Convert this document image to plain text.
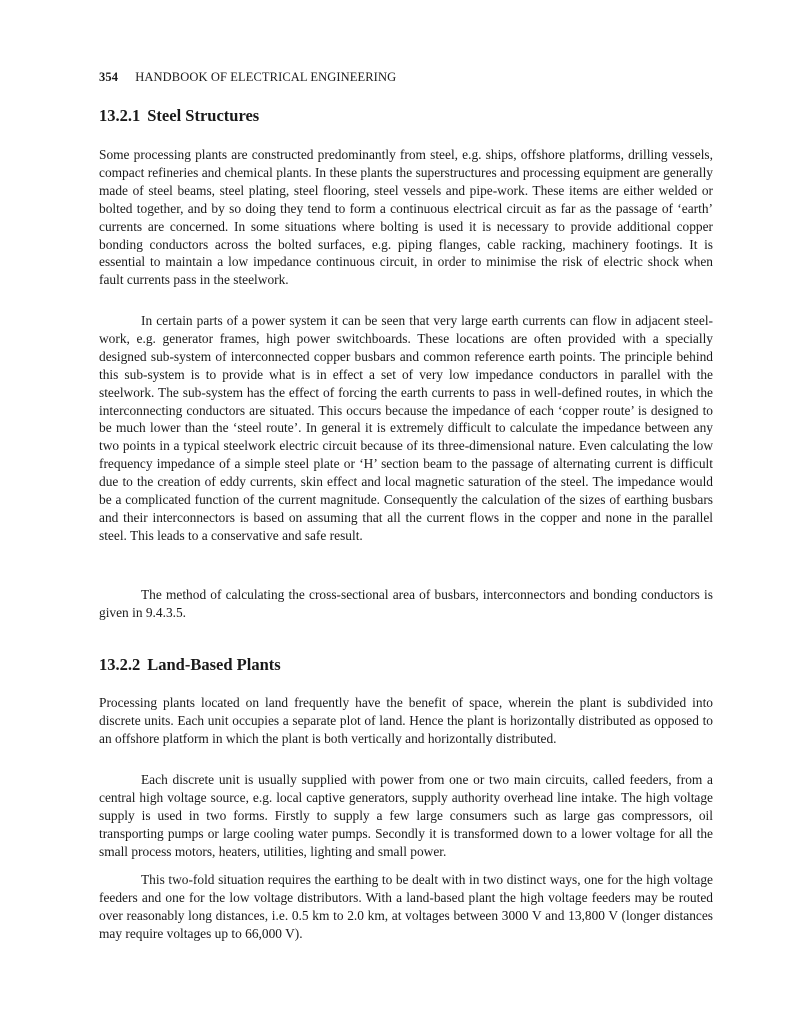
354 HANDBOOK OF ELECTRICAL ENGINEERING
13.2.1 Steel Structures

Some processing plants are constructed predominantly from steel, e.g. ships, offshore platforms, drilling vessels, compact refineries and chemical plants. In these plants the superstructures and processing equipment are generally made of steel beams, steel plating, steel flooring, steel vessels and pipe-work. These items are either welded or bolted together, and by so doing they tend to form a continuous electrical circuit as far as the passage of ‘earth’ currents are concerned. In some situations where bolting is used it is necessary to provide additional copper bonding conductors across the bolted surfaces, e.g. piping flanges, cable racking, machinery footings. It is essential to maintain a low impedance continuous circuit, in order to minimise the risk of electric shock when fault currents pass in the steelwork.

In certain parts of a power system it can be seen that very large earth currents can flow in adjacent steel-work, e.g. generator frames, high power switchboards. These locations are often provided with a specially designed sub-system of interconnected copper busbars and common reference earth points. The principle behind this sub-system is to provide what is in effect a set of very low impedance conductors in parallel with the steelwork. The sub-system has the effect of forcing the earth currents to pass in well-defined routes, in which the interconnecting conductors are situated. This occurs because the impedance of each ‘copper route’ is designed to be much lower than the ‘steel route’. In general it is extremely difficult to calculate the impedance between any two points in a typical steelwork electric circuit because of its three-dimensional nature. Even calculating the low frequency impedance of a simple steel plate or ‘H’ section beam to the passage of alternating current is difficult due to the creation of eddy currents, skin effect and local magnetic saturation of the steel. The impedance would be a complicated function of the current magnitude. Consequently the calculation of the sizes of earthing busbars and their interconnectors is based on assuming that all the current flows in the copper and none in the parallel steel. This leads to a conservative and safe result.

The method of calculating the cross-sectional area of busbars, interconnectors and bonding conductors is given in 9.4.3.5.

13.2.2 Land-Based Plants

Processing plants located on land frequently have the benefit of space, wherein the plant is subdivided into discrete units. Each unit occupies a separate plot of land. Hence the plant is horizontally distributed as opposed to an offshore platform in which the plant is both vertically and horizontally distributed.

Each discrete unit is usually supplied with power from one or two main circuits, called feeders, from a central high voltage source, e.g. local captive generators, supply authority overhead line intake. The high voltage supply is used in two forms. Firstly to supply a few large consumers such as large gas compressors, oil transporting pumps or large cooling water pumps. Secondly it is transformed down to a lower voltage for all the small process motors, heaters, utilities, lighting and small power.

This two-fold situation requires the earthing to be dealt with in two distinct ways, one for the high voltage feeders and one for the low voltage distributors. With a land-based plant the high voltage feeders may be routed over reasonably long distances, i.e. 0.5 km to 2.0 km, at voltages between 3000 V and 13,800 V (longer distances may require voltages up to 66,000 V).
